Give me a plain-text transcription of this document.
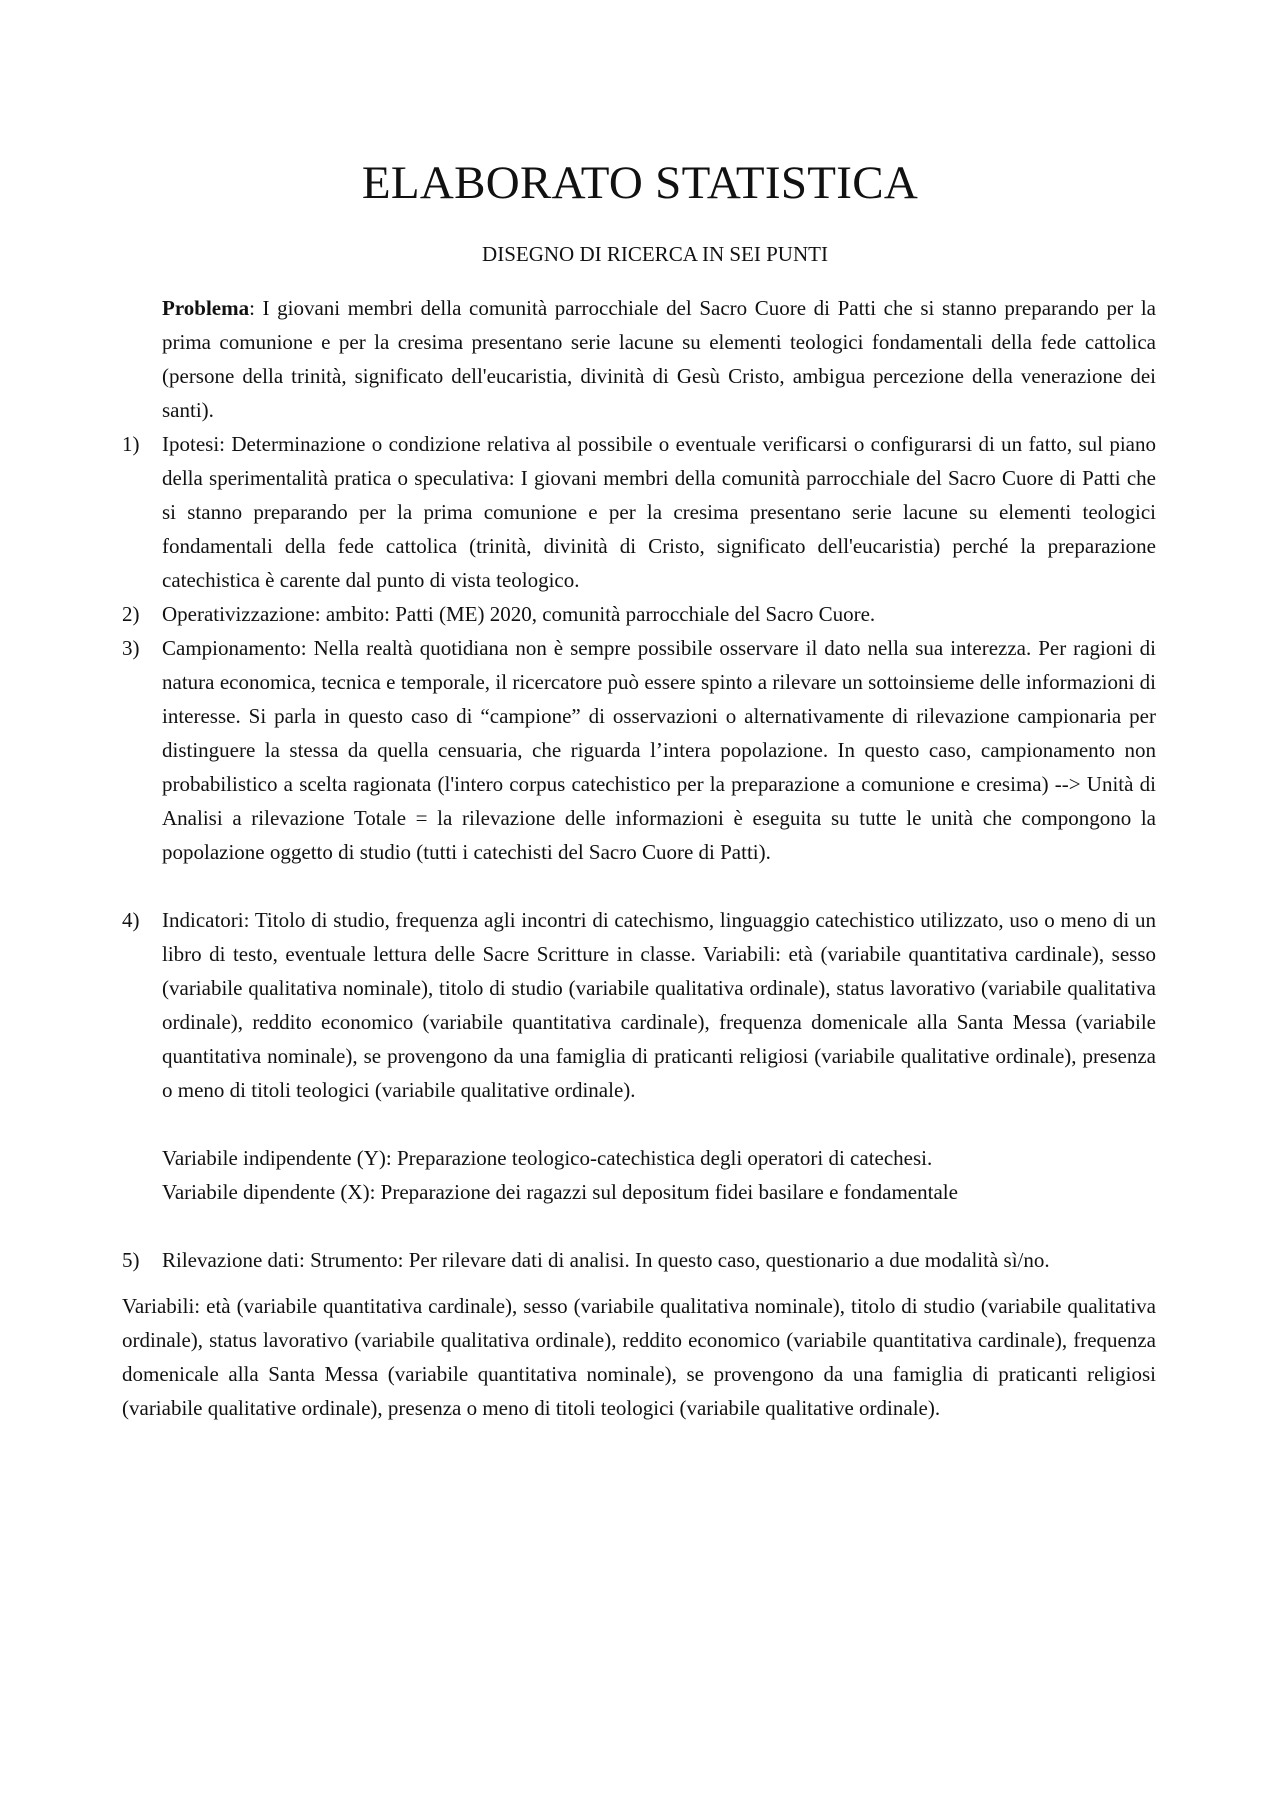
ELABORATO STATISTICA
DISEGNO DI RICERCA IN SEI PUNTI

Problema: I giovani membri della comunità parrocchiale del Sacro Cuore di Patti che si stanno preparando per la prima comunione e per la cresima presentano serie lacune su elementi teologici fondamentali della fede cattolica (persone della trinità, significato dell'eucaristia, divinità di Gesù Cristo, ambigua percezione della venerazione dei santi).

1) Ipotesi: Determinazione o condizione relativa al possibile o eventuale verificarsi o configurarsi di un fatto, sul piano della sperimentalità pratica o speculativa: I giovani membri della comunità parrocchiale del Sacro Cuore di Patti che si stanno preparando per la prima comunione e per la cresima presentano serie lacune su elementi teologici fondamentali della fede cattolica (trinità, divinità di Cristo, significato dell'eucaristia) perché la preparazione catechistica è carente dal punto di vista teologico.
2) Operativizzazione: ambito: Patti (ME) 2020, comunità parrocchiale del Sacro Cuore.
3) Campionamento: Nella realtà quotidiana non è sempre possibile osservare il dato nella sua interezza. Per ragioni di natura economica, tecnica e temporale, il ricercatore può essere spinto a rilevare un sottoinsieme delle informazioni di interesse. Si parla in questo caso di “campione” di osservazioni o alternativamente di rilevazione campionaria per distinguere la stessa da quella censuaria, che riguarda l’intera popolazione. In questo caso, campionamento non probabilistico a scelta ragionata (l'intero corpus catechistico per la preparazione a comunione e cresima) --> Unità di Analisi a rilevazione Totale = la rilevazione delle informazioni è eseguita su tutte le unità che compongono la popolazione oggetto di studio (tutti i catechisti del Sacro Cuore di Patti).
4) Indicatori: Titolo di studio, frequenza agli incontri di catechismo, linguaggio catechistico utilizzato, uso o meno di un libro di testo, eventuale lettura delle Sacre Scritture in classe. Variabili: età (variabile quantitativa cardinale), sesso (variabile qualitativa nominale), titolo di studio (variabile qualitativa ordinale), status lavorativo (variabile qualitativa ordinale), reddito economico (variabile quantitativa cardinale), frequenza domenicale alla Santa Messa (variabile quantitativa nominale), se provengono da una famiglia di praticanti religiosi (variabile qualitative ordinale), presenza o meno di titoli teologici (variabile qualitative ordinale).

Variabile indipendente (Y): Preparazione teologico-catechistica degli operatori di catechesi.
Variabile dipendente (X): Preparazione dei ragazzi sul depositum fidei basilare e fondamentale

5) Rilevazione dati: Strumento: Per rilevare dati di analisi. In questo caso, questionario a due modalità sì/no.

Variabili: età (variabile quantitativa cardinale), sesso (variabile qualitativa nominale), titolo di studio (variabile qualitativa ordinale), status lavorativo (variabile qualitativa ordinale), reddito economico (variabile quantitativa cardinale), frequenza domenicale alla Santa Messa (variabile quantitativa nominale), se provengono da una famiglia di praticanti religiosi (variabile qualitative ordinale), presenza o meno di titoli teologici (variabile qualitative ordinale).
